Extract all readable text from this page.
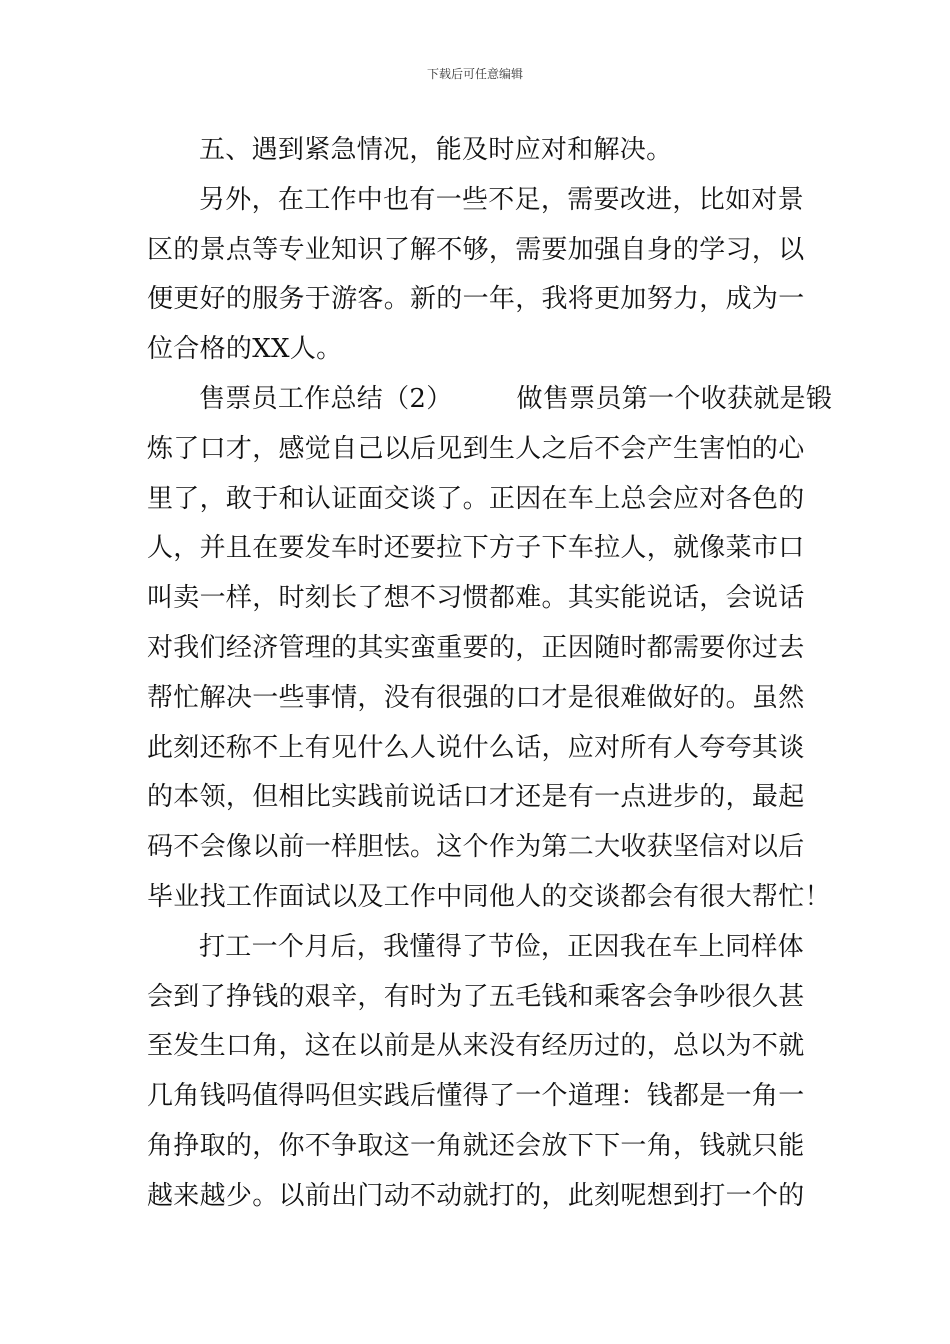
下载后可任意编辑
五、遇到紧急情况，能及时应对和解决。
另外，在工作中也有一些不足，需要改进，比如对景
区的景点等专业知识了解不够，需要加强自身的学习，以
便更好的服务于游客。新的一年，我将更加努力，成为一
位合格的XX人。
售票员工作总结（2） 做售票员第一个收获就是锻
炼了口才，感觉自己以后见到生人之后不会产生害怕的心
里了，敢于和认证面交谈了。正因在车上总会应对各色的
人，并且在要发车时还要拉下方子下车拉人，就像菜市口
叫卖一样，时刻长了想不习惯都难。其实能说话，会说话
对我们经济管理的其实蛮重要的，正因随时都需要你过去
帮忙解决一些事情，没有很强的口才是很难做好的。虽然
此刻还称不上有见什么人说什么话，应对所有人夸夸其谈
的本领，但相比实践前说话口才还是有一点进步的，最起
码不会像以前一样胆怯。这个作为第二大收获坚信对以后
毕业找工作面试以及工作中同他人的交谈都会有很大帮忙！
打工一个月后，我懂得了节俭，正因我在车上同样体
会到了挣钱的艰辛，有时为了五毛钱和乘客会争吵很久甚
至发生口角，这在以前是从来没有经历过的，总以为不就
几角钱吗值得吗但实践后懂得了一个道理：钱都是一角一
角挣取的，你不争取这一角就还会放下下一角，钱就只能
越来越少。以前出门动不动就打的，此刻呢想到打一个的
